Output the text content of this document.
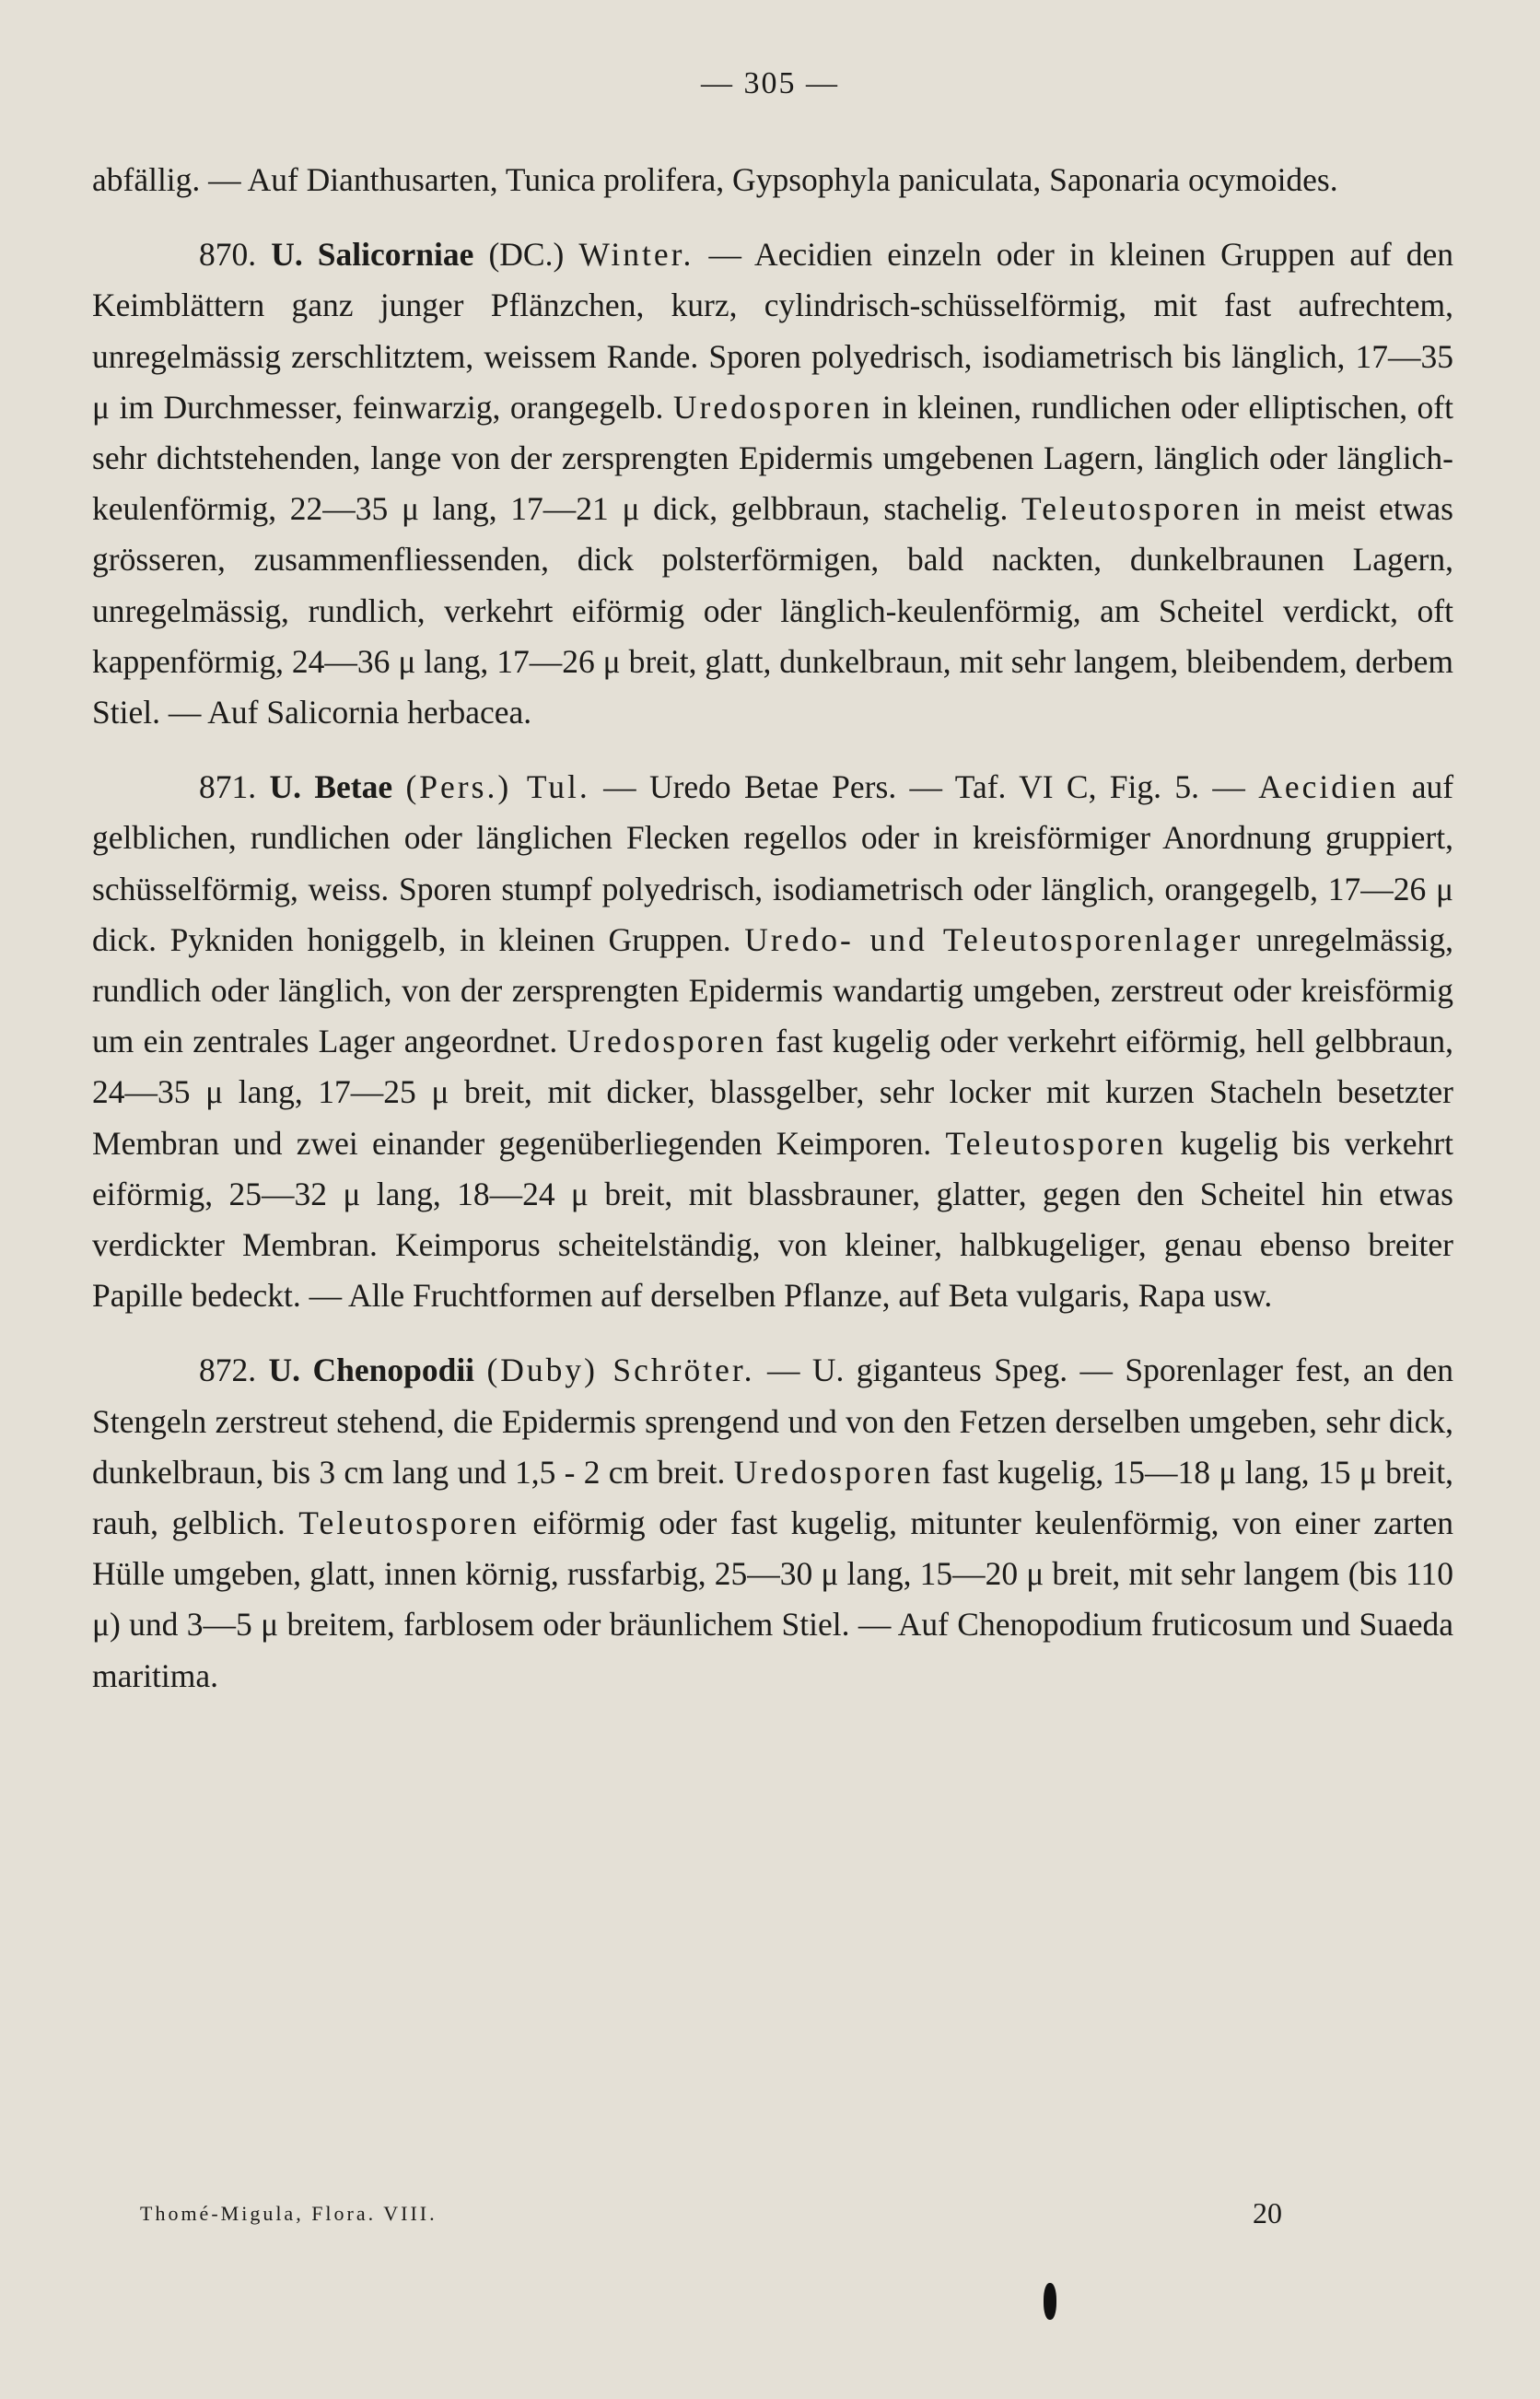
— 305 —

abfällig. — Auf Dianthusarten, Tunica prolifera, Gypsophyla paniculata, Saponaria ocymoides.

870. U. Salicorniae (DC.) Winter. — Aecidien einzeln oder in kleinen Gruppen auf den Keimblättern ganz junger Pflänzchen, kurz, cylindrisch-schüsselförmig, mit fast aufrechtem, unregelmässig zerschlitztem, weissem Rande. Sporen polyedrisch, isodiametrisch bis länglich, 17—35 μ im Durchmesser, feinwarzig, orangegelb. Uredosporen in kleinen, rundlichen oder elliptischen, oft sehr dichtstehenden, lange von der zersprengten Epidermis umgebenen Lagern, länglich oder länglich-keulenförmig, 22—35 μ lang, 17—21 μ dick, gelbbraun, stachelig. Teleutosporen in meist etwas grösseren, zusammenfliessenden, dick polsterförmigen, bald nackten, dunkelbraunen Lagern, unregelmässig, rundlich, verkehrt eiförmig oder länglich-keulenförmig, am Scheitel verdickt, oft kappenförmig, 24—36 μ lang, 17—26 μ breit, glatt, dunkelbraun, mit sehr langem, bleibendem, derbem Stiel. — Auf Salicornia herbacea.

871. U. Betae (Pers.) Tul. — Uredo Betae Pers. — Taf. VI C, Fig. 5. — Aecidien auf gelblichen, rundlichen oder länglichen Flecken regellos oder in kreisförmiger Anordnung gruppiert, schüsselförmig, weiss. Sporen stumpf polyedrisch, isodiametrisch oder länglich, orangegelb, 17—26 μ dick. Pykniden honiggelb, in kleinen Gruppen. Uredo- und Teleutosporenlager unregelmässig, rundlich oder länglich, von der zersprengten Epidermis wandartig umgeben, zerstreut oder kreisförmig um ein zentrales Lager angeordnet. Uredosporen fast kugelig oder verkehrt eiförmig, hell gelbbraun, 24—35 μ lang, 17—25 μ breit, mit dicker, blassgelber, sehr locker mit kurzen Stacheln besetzter Membran und zwei einander gegenüberliegenden Keimporen. Teleutosporen kugelig bis verkehrt eiförmig, 25—32 μ lang, 18—24 μ breit, mit blassbrauner, glatter, gegen den Scheitel hin etwas verdickter Membran. Keimporus scheitelständig, von kleiner, halbkugeliger, genau ebenso breiter Papille bedeckt. — Alle Fruchtformen auf derselben Pflanze, auf Beta vulgaris, Rapa usw.

872. U. Chenopodii (Duby) Schröter. — U. giganteus Speg. — Sporenlager fest, an den Stengeln zerstreut stehend, die Epidermis sprengend und von den Fetzen derselben umgeben, sehr dick, dunkelbraun, bis 3 cm lang und 1,5 - 2 cm breit. Uredosporen fast kugelig, 15—18 μ lang, 15 μ breit, rauh, gelblich. Teleutosporen eiförmig oder fast kugelig, mitunter keulenförmig, von einer zarten Hülle umgeben, glatt, innen körnig, russfarbig, 25—30 μ lang, 15—20 μ breit, mit sehr langem (bis 110 μ) und 3—5 μ breitem, farblosem oder bräunlichem Stiel. — Auf Chenopodium fruticosum und Suaeda maritima.

Thomé-Migula, Flora. VIII.	20
